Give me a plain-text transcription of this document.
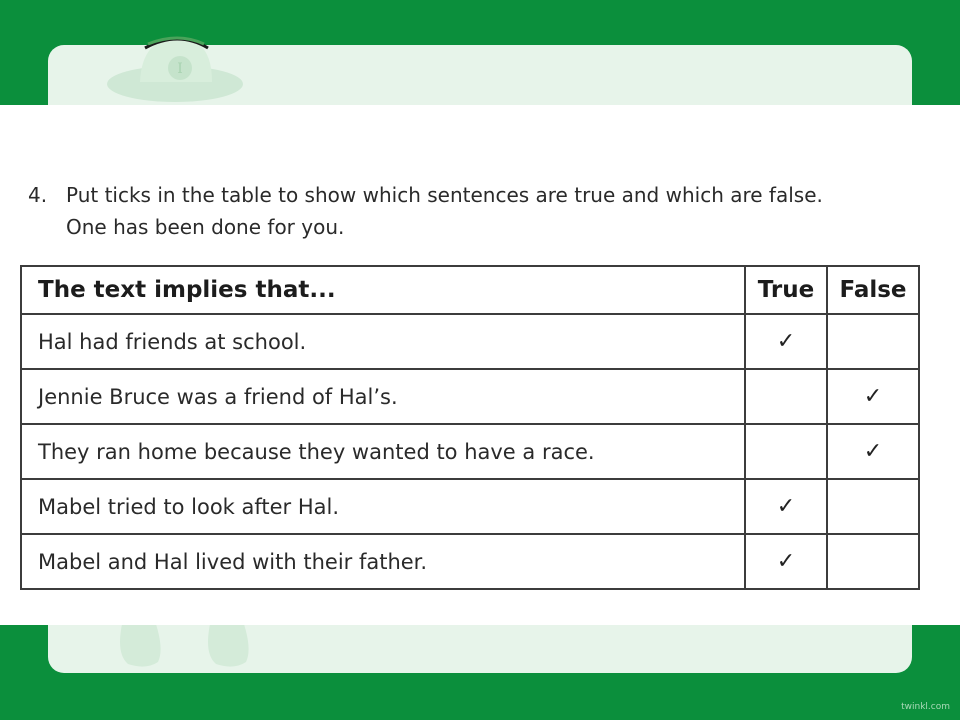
I
4. Put ticks in the table to show which sentences are true and which are false.
One has been done for you.
The text implies that...	True	False
Hal had friends at school.	✓	
Jennie Bruce was a friend of Hal’s.		✓
They ran home because they wanted to have a race.		✓
Mabel tried to look after Hal.	✓	
Mabel and Hal lived with their father.	✓	
twinkl.com
